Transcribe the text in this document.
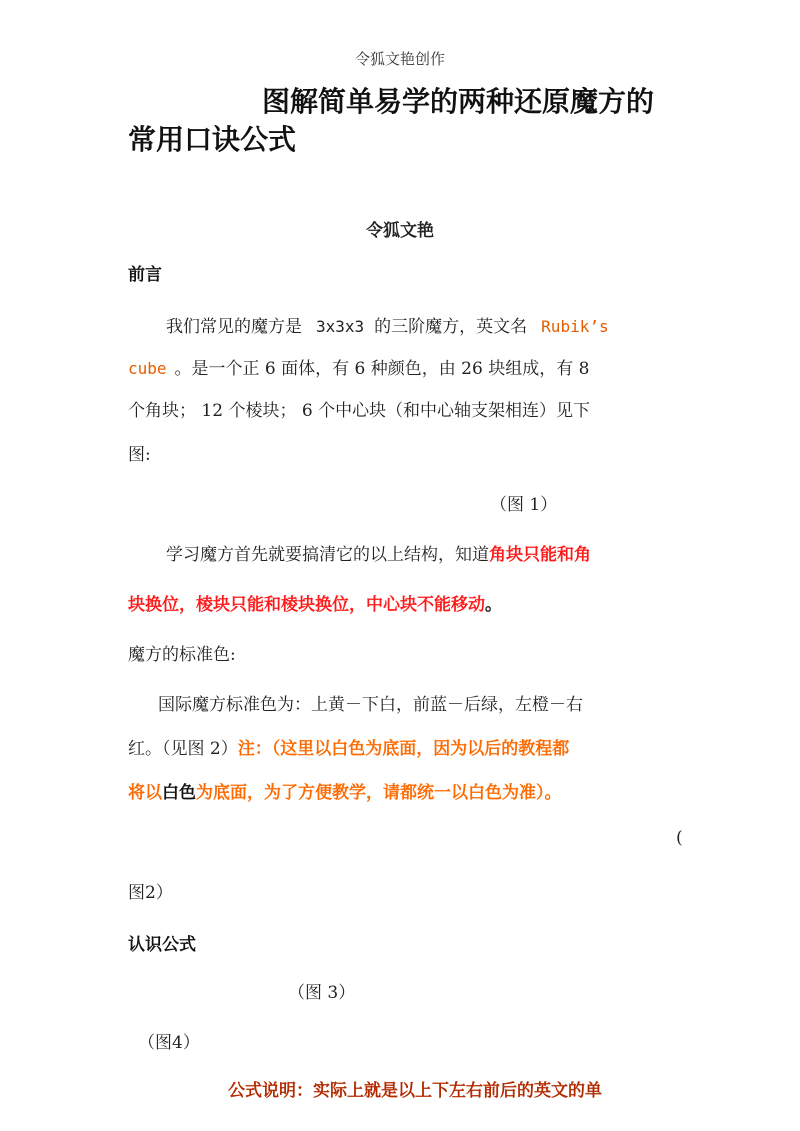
令狐文艳创作
图解简单易学的两种还原魔方的
常用口诀公式
令狐文艳
前言
我们常见的魔方是 3x3x3 的三阶魔方，英文名 Rubik’s
cube 。是一个正 6 面体，有 6 种颜色，由 26 块组成，有 8
个角块； 12 个棱块； 6 个中心块（和中心轴支架相连）见下
图:
（图 1）
学习魔方首先就要搞清它的以上结构，知道角块只能和角
块换位，棱块只能和棱块换位，中心块不能移动。
魔方的标准色:
国际魔方标准色为：上黄－下白，前蓝－后绿，左橙－右
红。（见图 2）注：（这里以白色为底面，因为以后的教程都
将以白色为底面，为了方便教学，请都统一以白色为准）。
(
图2）
认识公式
（图 3）
（图4）
公式说明：实际上就是以上下左右前后的英文的单
